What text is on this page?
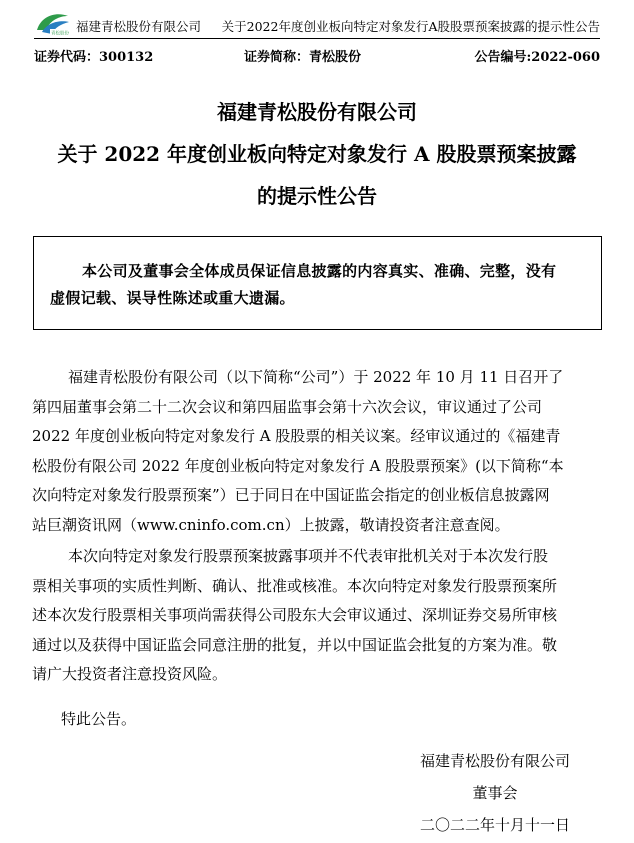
青松股份 福建青松股份有限公司 关于2022年度创业板向特定对象发行A股股票预案披露的提示性公告
证券代码：300132	证券简称：青松股份	公告编号:2022-060
福建青松股份有限公司
关于 2022 年度创业板向特定对象发行 A 股股票预案披露
的提示性公告
本公司及董事会全体成员保证信息披露的内容真实、准确、完整，没有
虚假记载、误导性陈述或重大遗漏。
福建青松股份有限公司（以下简称“公司”）于 2022 年 10 月 11 日召开了
第四届董事会第二十二次会议和第四届监事会第十六次会议，审议通过了公司
2022 年度创业板向特定对象发行 A 股股票的相关议案。经审议通过的《福建青
松股份有限公司 2022 年度创业板向特定对象发行 A 股股票预案》(以下简称“本
次向特定对象发行股票预案”）已于同日在中国证监会指定的创业板信息披露网
站巨潮资讯网（www.cninfo.com.cn）上披露，敬请投资者注意查阅。
本次向特定对象发行股票预案披露事项并不代表审批机关对于本次发行股
票相关事项的实质性判断、确认、批准或核准。本次向特定对象发行股票预案所
述本次发行股票相关事项尚需获得公司股东大会审议通过、深圳证券交易所审核
通过以及获得中国证监会同意注册的批复，并以中国证监会批复的方案为准。敬
请广大投资者注意投资风险。
特此公告。
福建青松股份有限公司
董事会
二〇二二年十月十一日
